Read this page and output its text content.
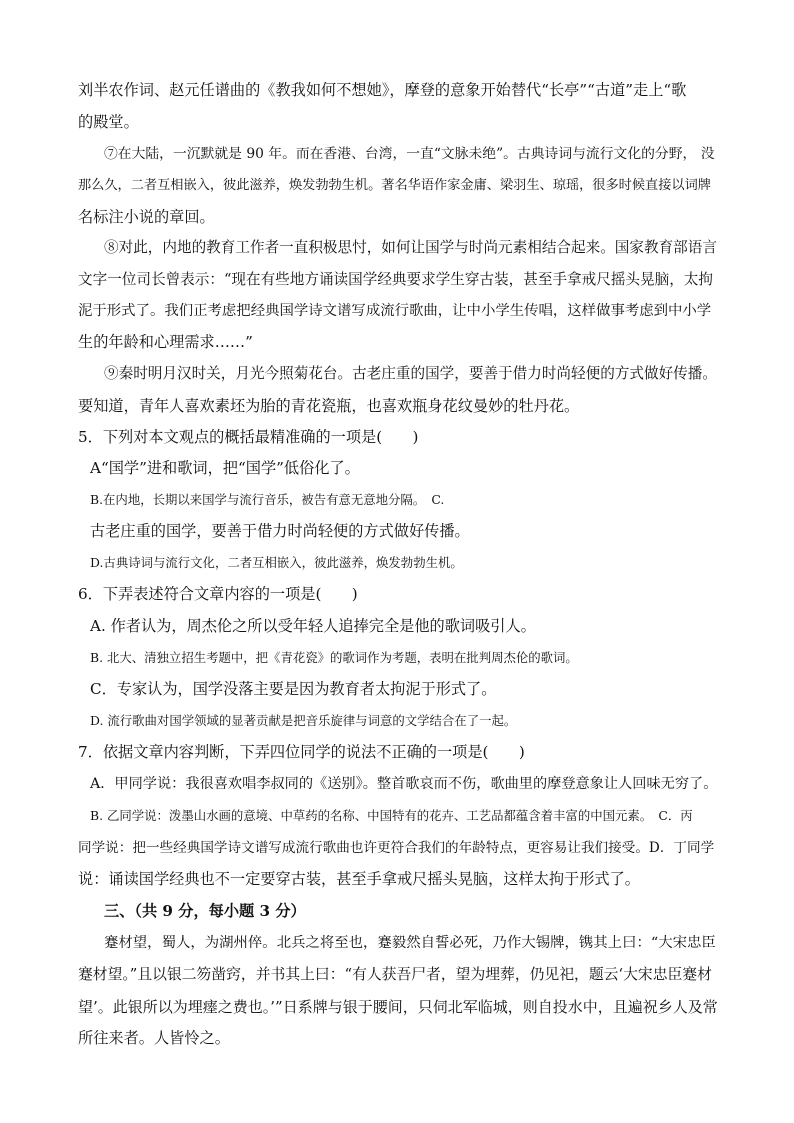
刘半农作词、赵元任谱曲的《教我如何不想她》，摩登的意象开始替代“长亭”“古道”走上“歌
的殿堂。
⑦在大陆，一沉默就是 90 年。而在香港、台湾，一直“文脉未绝”。古典诗词与流行文化的分野， 没
那么久，二者互相嵌入，彼此滋养，焕发勃勃生机。著名华语作家金庸、梁羽生、琼瑶，很多时候直接以词牌
名标注小说的章回。
⑧对此，内地的教育工作者一直积极思忖，如何让国学与时尚元素相结合起来。国家教育部语言
文字一位司长曾表示：“现在有些地方诵读国学经典要求学生穿古装，甚至手拿戒尺摇头晃脑，太拘
泥于形式了。我们正考虑把经典国学诗文谱写成流行歌曲，让中小学生传唱，这样做事考虑到中小学
生的年龄和心理需求……”
⑨秦时明月汉时关，月光今照菊花台。古老庄重的国学，要善于借力时尚轻便的方式做好传播。
要知道，青年人喜欢素坯为胎的青花瓷瓶，也喜欢瓶身花纹曼妙的牡丹花。
5．下列对本文观点的概括最精准确的一项是(　　)
A“国学”进和歌词，把“国学”低俗化了。
B.在内地，长期以来国学与流行音乐，被告有意无意地分隔。　C.
古老庄重的国学，要善于借力时尚轻便的方式做好传播。
D.古典诗词与流行文化，二者互相嵌入，彼此滋养，焕发勃勃生机。
6．下弄表述符合文章内容的一项是(　　)
A. 作者认为，周杰伦之所以受年轻人追捧完全是他的歌词吸引人。
B. 北大、清独立招生考题中，把《青花瓷》的歌词作为考题，表明在批判周杰伦的歌词。
C．专家认为，国学没落主要是因为教育者太拘泥于形式了。
D. 流行歌曲对国学领域的显著贡献是把音乐旋律与词意的文学结合在了一起。
7．依据文章内容判断，下弄四位同学的说法不正确的一项是(　　)
A．甲同学说：我很喜欢唱李叔同的《送别》。整首歌哀而不伤，歌曲里的摩登意象让人回味无穷了。
B. 乙同学说：泼墨山水画的意境、中草药的名称、中国特有的花卉、工艺品都蕴含着丰富的中国元素。　C．丙
同学说：把一些经典国学诗文谱写成流行歌曲也许更符合我们的年龄特点，更容易让我们接受。D．丁同学
说：诵读国学经典也不一定要穿古装，甚至手拿戒尺摇头晃脑，这样太拘于形式了。
三、（共 9 分，每小题 3 分）
蹇材望，蜀人，为湖州倅。北兵之将至也，蹇毅然自誓必死，乃作大锡牌，镌其上曰：“大宋忠臣
蹇材望。”且以银二笏凿窍，并书其上曰：“有人获吾尸者，望为埋葬，仍见祀，题云‘大宋忠臣蹇材
望’。此银所以为埋瘗之费也。’”日系牌与银于腰间，只伺北军临城，则自投水中，且遍祝乡人及常
所往来者。人皆怜之。
